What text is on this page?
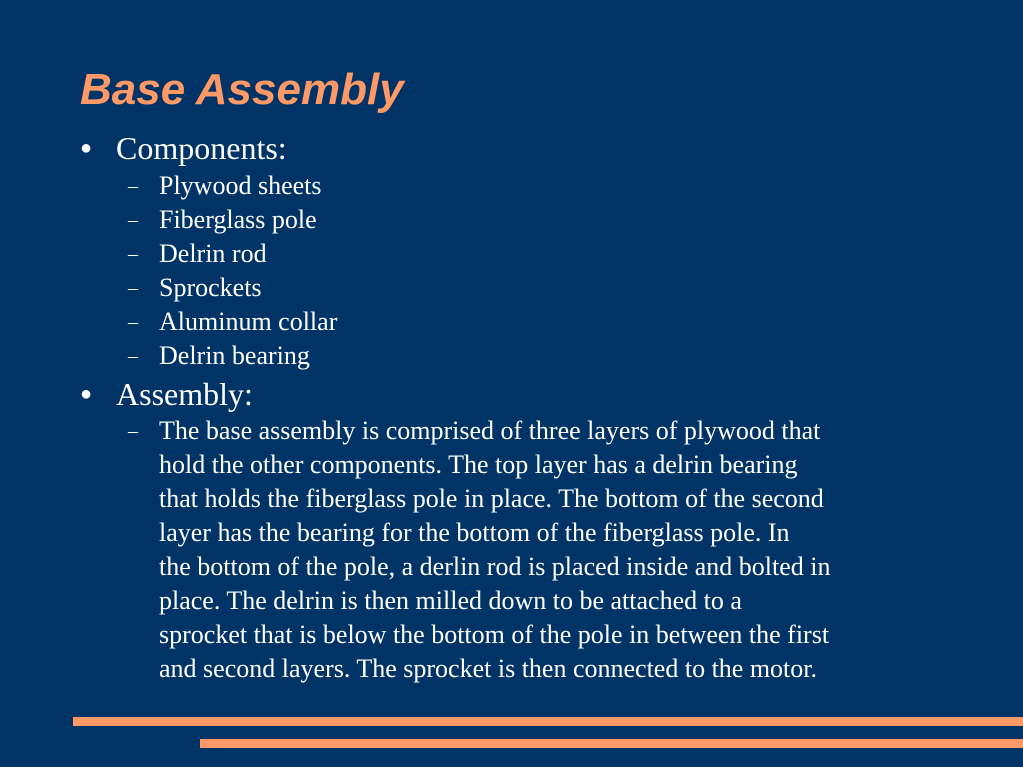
Base Assembly
● Components:
– Plywood sheets
– Fiberglass pole
– Delrin rod
– Sprockets
– Aluminum collar
– Delrin bearing
● Assembly:
– The base assembly is comprised of three layers of plywood that
hold the other components. The top layer has a delrin bearing
that holds the fiberglass pole in place. The bottom of the second
layer has the bearing for the bottom of the fiberglass pole. In
the bottom of the pole, a derlin rod is placed inside and bolted in
place. The delrin is then milled down to be attached to a
sprocket that is below the bottom of the pole in between the first
and second layers. The sprocket is then connected to the motor.
